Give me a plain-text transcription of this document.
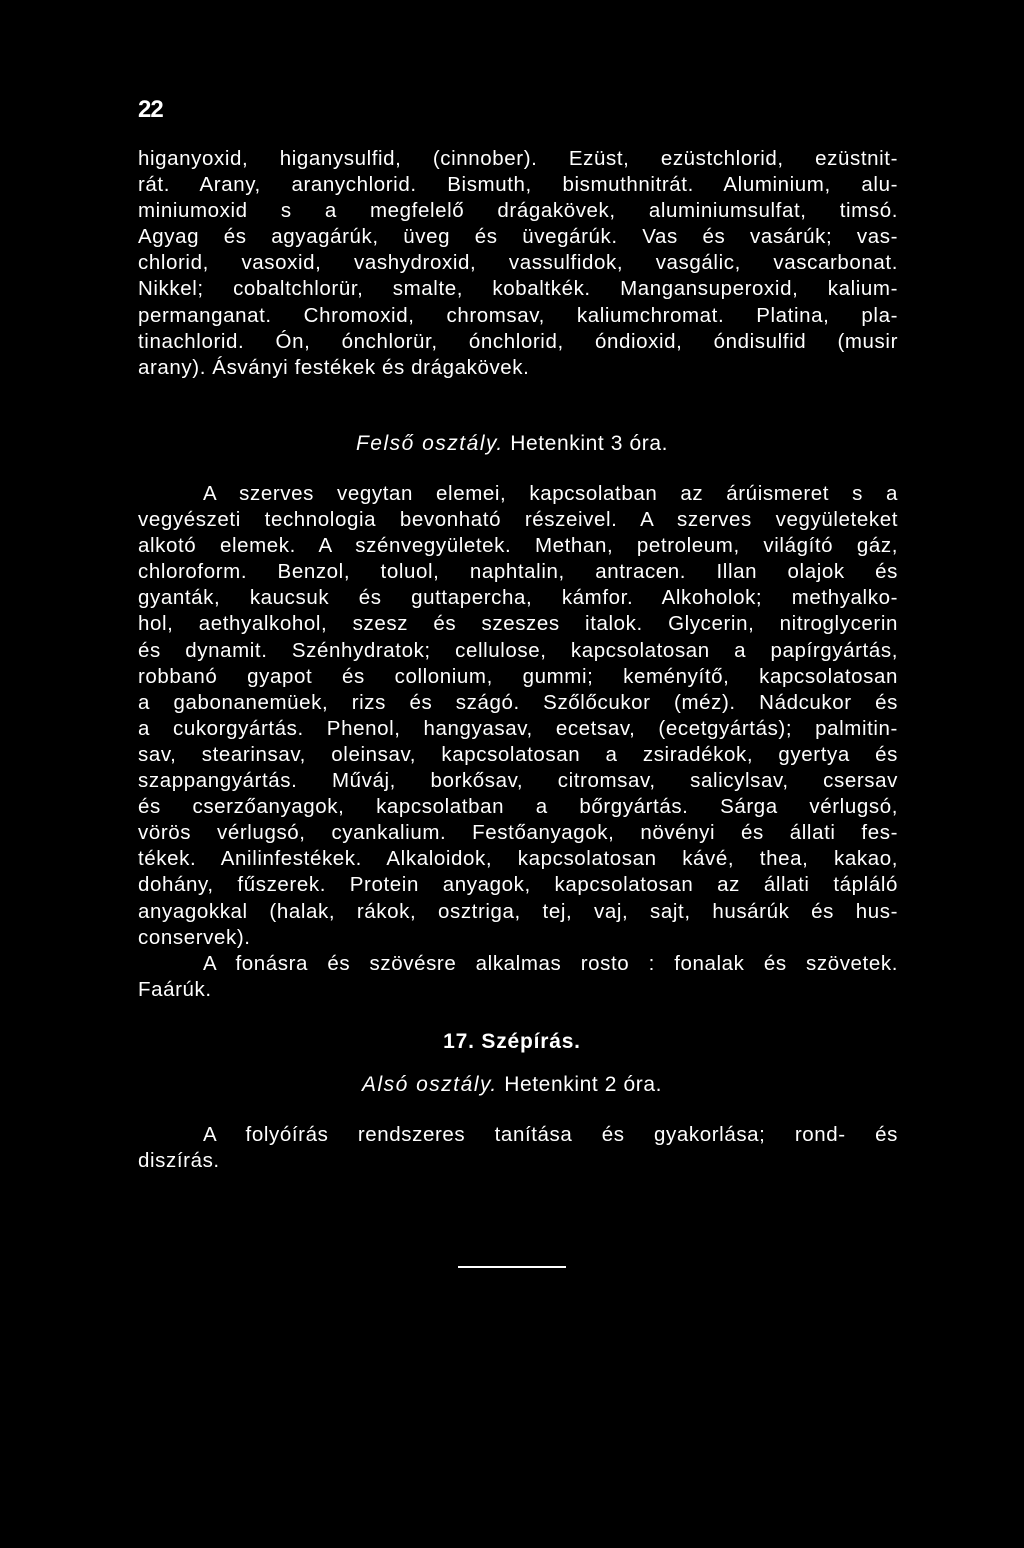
22
higanyoxid, higanysulfid, (cinnober). Ezüst, ezüstchlorid, ezüstnit-
rát. Arany, aranychlorid. Bismuth, bismuthnitrát. Aluminium, alu-
miniumoxid s a megfelelő drágakövek, aluminiumsulfat, timsó.
Agyag és agyagárúk, üveg és üvegárúk. Vas és vasárúk; vas-
chlorid, vasoxid, vashydroxid, vassulfidok, vasgálic, vascarbonat.
Nikkel; cobaltchlorür, smalte, kobaltkék. Mangansuperoxid, kalium-
permanganat. Chromoxid, chromsav, kaliumchromat. Platina, pla-
tinachlorid. Ón, ónchlorür, ónchlorid, óndioxid, óndisulfid (musir
arany). Ásványi festékek és drágakövek.
Felső osztály. Hetenkint 3 óra.
A szerves vegytan elemei, kapcsolatban az árúismeret s a
vegyészeti technologia bevonható részeivel. A szerves vegyületeket
alkotó elemek. A szénvegyületek. Methan, petroleum, világító gáz,
chloroform. Benzol, toluol, naphtalin, antracen. Illan olajok és
gyanták, kaucsuk és guttapercha, kámfor. Alkoholok; methyalko-
hol, aethyalkohol, szesz és szeszes italok. Glycerin, nitroglycerin
és dynamit. Szénhydratok; cellulose, kapcsolatosan a papírgyártás,
robbanó gyapot és collonium, gummi; keményítő, kapcsolatosan
a gabonanemüek, rizs és szágó. Szőlőcukor (méz). Nádcukor és
a cukorgyártás. Phenol, hangyasav, ecetsav, (ecetgyártás); palmitin-
sav, stearinsav, oleinsav, kapcsolatosan a zsiradékok, gyertya és
szappangyártás. Műváj, borkősav, citromsav, salicylsav, csersav
és cserzőanyagok, kapcsolatban a bőrgyártás. Sárga vérlugsó,
vörös vérlugsó, cyankalium. Festőanyagok, növényi és állati fes-
tékek. Anilinfestékek. Alkaloidok, kapcsolatosan kávé, thea, kakao,
dohány, fűszerek. Protein anyagok, kapcsolatosan az állati tápláló
anyagokkal (halak, rákok, osztriga, tej, vaj, sajt, husárúk és hus-
conservek).
A fonásra és szövésre alkalmas rosto : fonalak és szövetek.
Faárúk.
17. Szépírás.
Alsó osztály. Hetenkint 2 óra.
A folyóírás rendszeres tanítása és gyakorlása; rond- és
diszírás.
